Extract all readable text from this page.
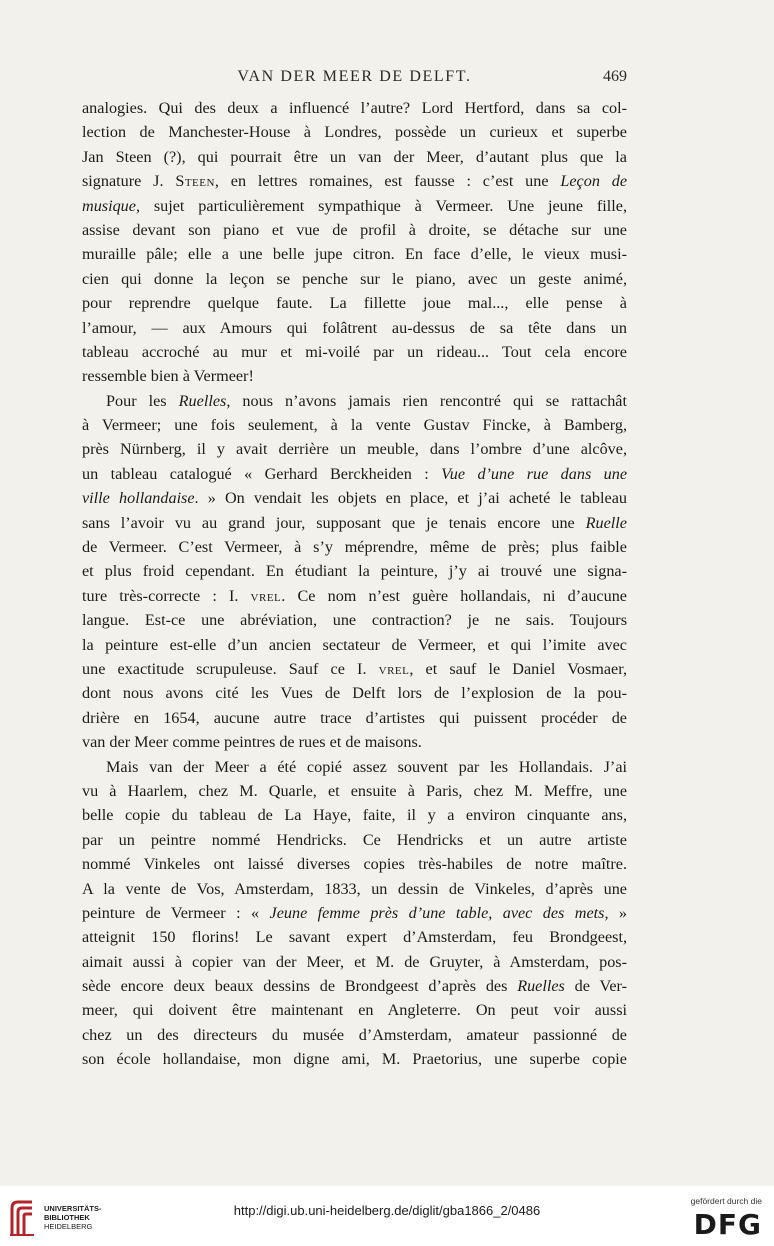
VAN DER MEER DE DELFT.	469
analogies. Qui des deux a influencé l’autre? Lord Hertford, dans sa col-
lection de Manchester-House à Londres, possède un curieux et superbe
Jan Steen (?), qui pourrait être un van der Meer, d’autant plus que la
signature J. Steen, en lettres romaines, est fausse : c’est une Leçon de
musique, sujet particulièrement sympathique à Vermeer. Une jeune fille,
assise devant son piano et vue de profil à droite, se détache sur une
muraille pâle; elle a une belle jupe citron. En face d’elle, le vieux musi-
cien qui donne la leçon se penche sur le piano, avec un geste animé,
pour reprendre quelque faute. La fillette joue mal..., elle pense à
l’amour, — aux Amours qui folâtrent au-dessus de sa tête dans un
tableau accroché au mur et mi-voilé par un rideau... Tout cela encore
ressemble bien à Vermeer!
Pour les Ruelles, nous n’avons jamais rien rencontré qui se rattachât
à Vermeer; une fois seulement, à la vente Gustav Fincke, à Bamberg,
près Nürnberg, il y avait derrière un meuble, dans l’ombre d’une alcôve,
un tableau catalogué « Gerhard Berckheiden : Vue d’une rue dans une
ville hollandaise. » On vendait les objets en place, et j’ai acheté le tableau
sans l’avoir vu au grand jour, supposant que je tenais encore une Ruelle
de Vermeer. C’est Vermeer, à s’y méprendre, même de près; plus faible
et plus froid cependant. En étudiant la peinture, j’y ai trouvé une signa-
ture très-correcte : I. vrel. Ce nom n’est guère hollandais, ni d’aucune
langue. Est-ce une abréviation, une contraction? je ne sais. Toujours
la peinture est-elle d’un ancien sectateur de Vermeer, et qui l’imite avec
une exactitude scrupuleuse. Sauf ce I. vrel, et sauf le Daniel Vosmaer,
dont nous avons cité les Vues de Delft lors de l’explosion de la pou-
drière en 1654, aucune autre trace d’artistes qui puissent procéder de
van der Meer comme peintres de rues et de maisons.
Mais van der Meer a été copié assez souvent par les Hollandais. J’ai
vu à Haarlem, chez M. Quarle, et ensuite à Paris, chez M. Meffre, une
belle copie du tableau de La Haye, faite, il y a environ cinquante ans,
par un peintre nommé Hendricks. Ce Hendricks et un autre artiste
nommé Vinkeles ont laissé diverses copies très-habiles de notre maître.
A la vente de Vos, Amsterdam, 1833, un dessin de Vinkeles, d’après une
peinture de Vermeer : « Jeune femme près d’une table, avec des mets, »
atteignit 150 florins! Le savant expert d’Amsterdam, feu Brondgeest,
aimait aussi à copier van der Meer, et M. de Gruyter, à Amsterdam, pos-
sède encore deux beaux dessins de Brondgeest d’après des Ruelles de Ver-
meer, qui doivent être maintenant en Angleterre. On peut voir aussi
chez un des directeurs du musée d’Amsterdam, amateur passionné de
son école hollandaise, mon digne ami, M. Praetorius, une superbe copie
UNIVERSITÄTS-
BIBLIOTHEK
HEIDELBERG
http://digi.ub.uni-heidelberg.de/diglit/gba1866_2/0486
gefördert durch die
DFG
